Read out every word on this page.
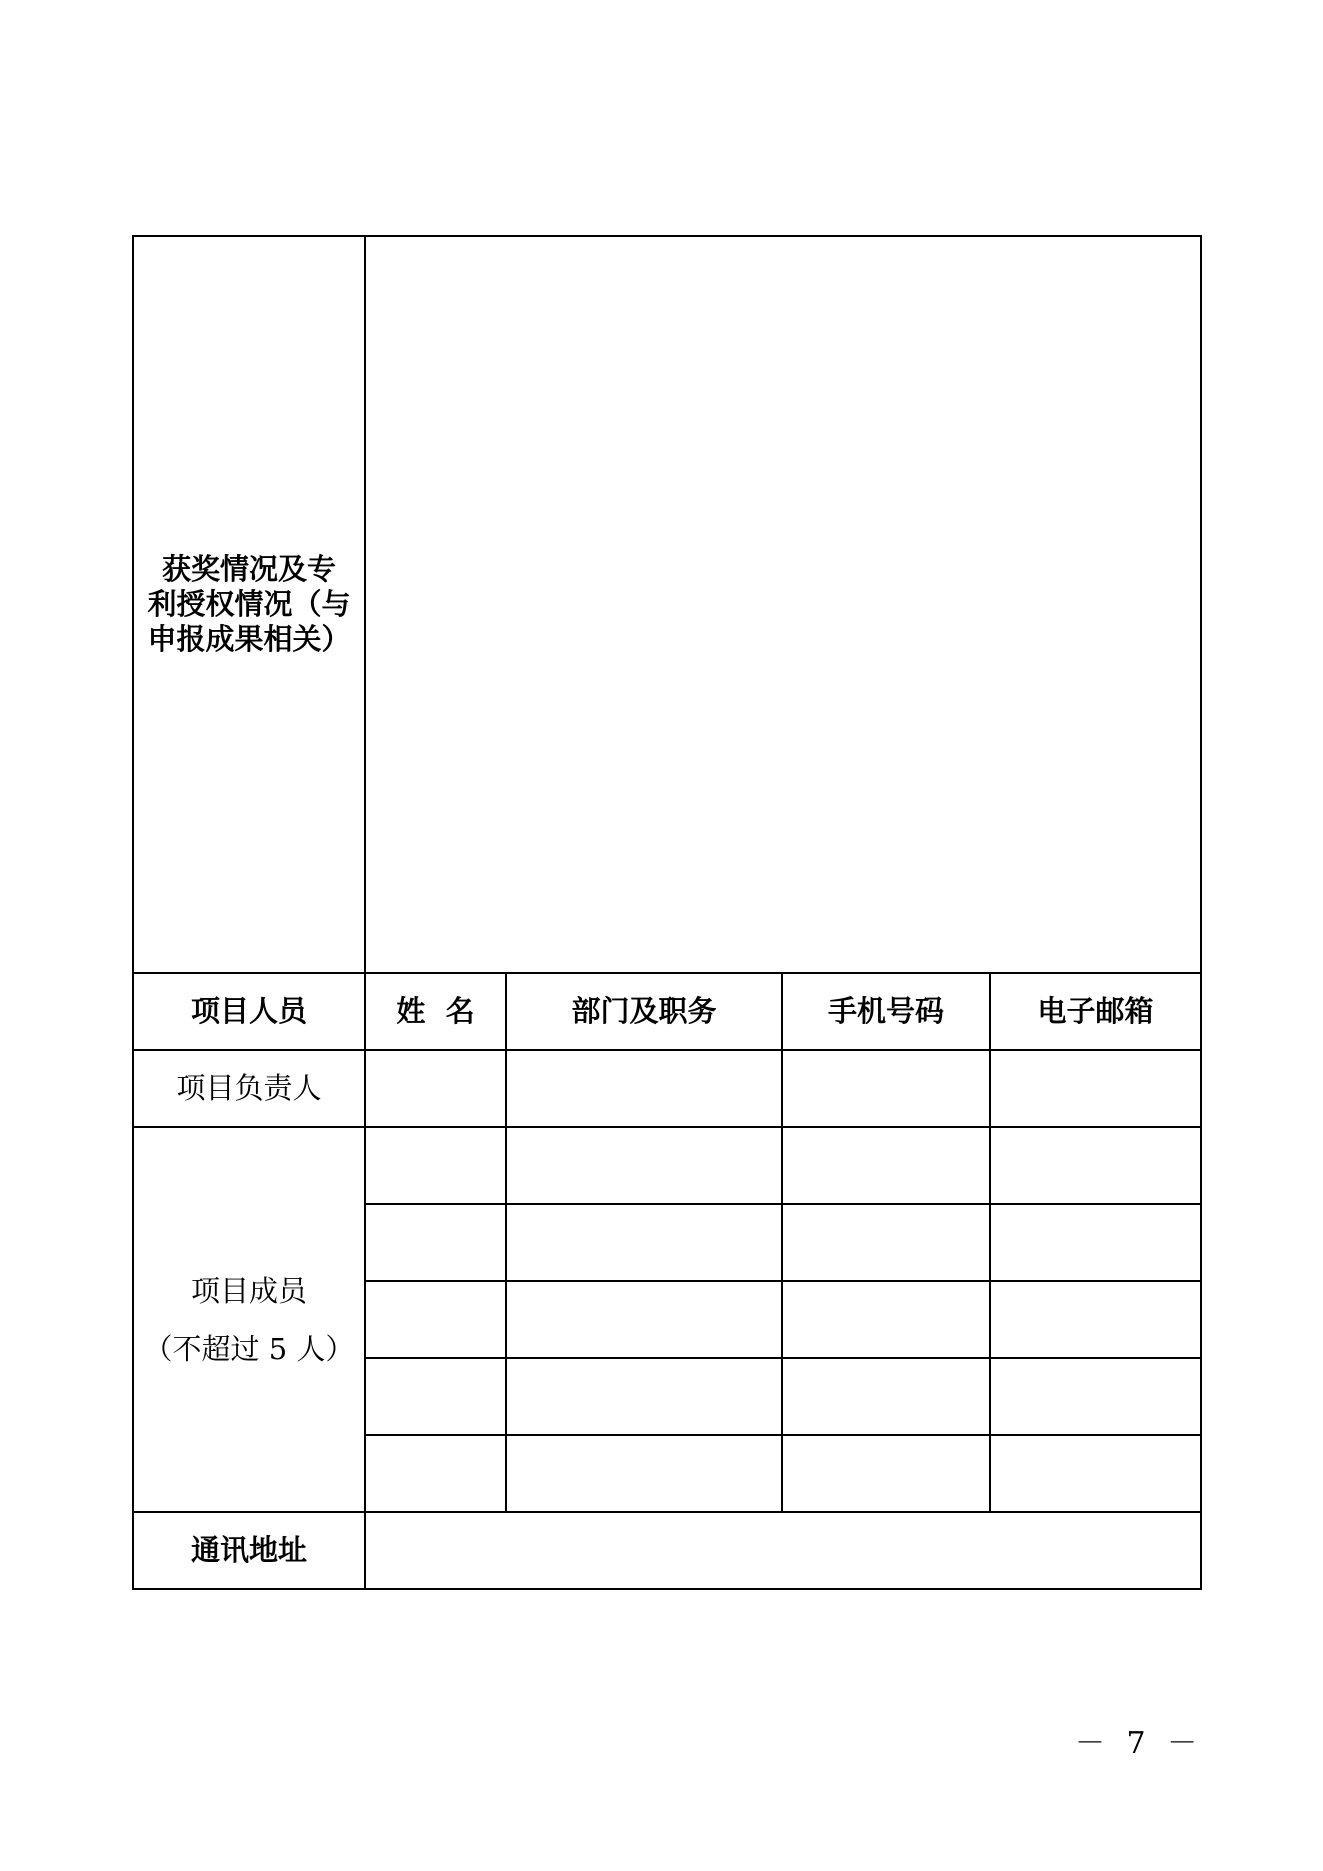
获奖情况及专
利授权情况（与
申报成果相关）				

项目人员	姓  名	部门及职务	手机号码	电子邮箱
项目负责人				

项目成员
（不超过 5 人）				

通讯地址				
－ 7 －
